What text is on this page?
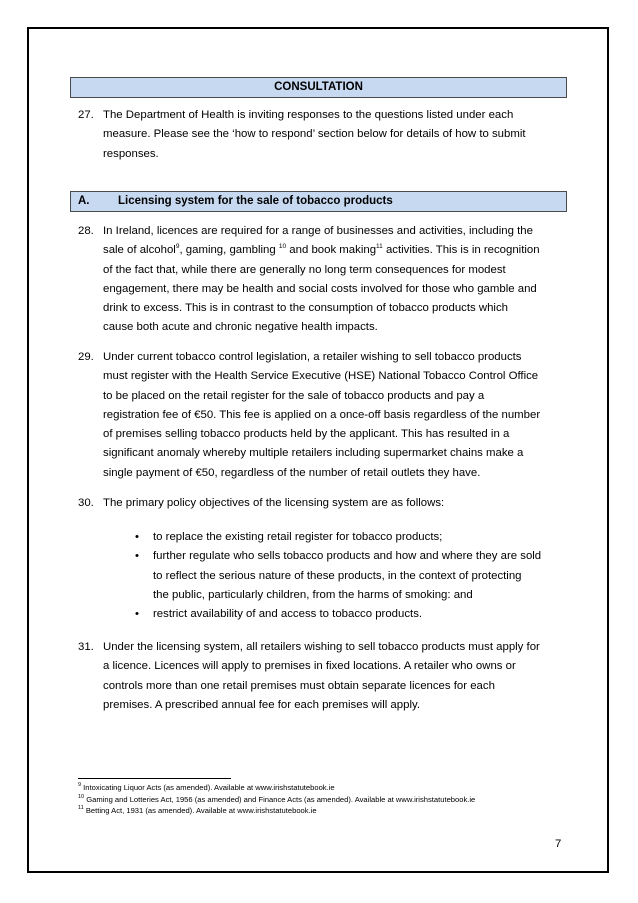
CONSULTATION
27. The Department of Health is inviting responses to the questions listed under each
measure. Please see the ‘how to respond’ section below for details of how to submit
responses.
A. Licensing system for the sale of tobacco products
28. In Ireland, licences are required for a range of businesses and activities, including the
sale of alcohol$^9$, gaming, gambling $^{10}$ and book making$^{11}$ activities. This is in recognition
of the fact that, while there are generally no long term consequences for modest
engagement, there may be health and social costs involved for those who gamble and
drink to excess. This is in contrast to the consumption of tobacco products which
cause both acute and chronic negative health impacts.
29. Under current tobacco control legislation, a retailer wishing to sell tobacco products
must register with the Health Service Executive (HSE) National Tobacco Control Office
to be placed on the retail register for the sale of tobacco products and pay a
registration fee of €50. This fee is applied on a once-off basis regardless of the number
of premises selling tobacco products held by the applicant. This has resulted in a
significant anomaly whereby multiple retailers including supermarket chains make a
single payment of €50, regardless of the number of retail outlets they have.
30. The primary policy objectives of the licensing system are as follows:
• to replace the existing retail register for tobacco products;
• further regulate who sells tobacco products and how and where they are sold
to reflect the serious nature of these products, in the context of protecting
the public, particularly children, from the harms of smoking: and
• restrict availability of and access to tobacco products.
31. Under the licensing system, all retailers wishing to sell tobacco products must apply for
a licence. Licences will apply to premises in fixed locations. A retailer who owns or
controls more than one retail premises must obtain separate licences for each
premises. A prescribed annual fee for each premises will apply.
$^9$ Intoxicating Liquor Acts (as amended). Available at www.irishstatutebook.ie
$^{10}$ Gaming and Lotteries Act, 1956 (as amended) and Finance Acts (as amended). Available at www.irishstatutebook.ie
$^{11}$ Betting Act, 1931 (as amended). Available at www.irishstatutebook.ie
7
